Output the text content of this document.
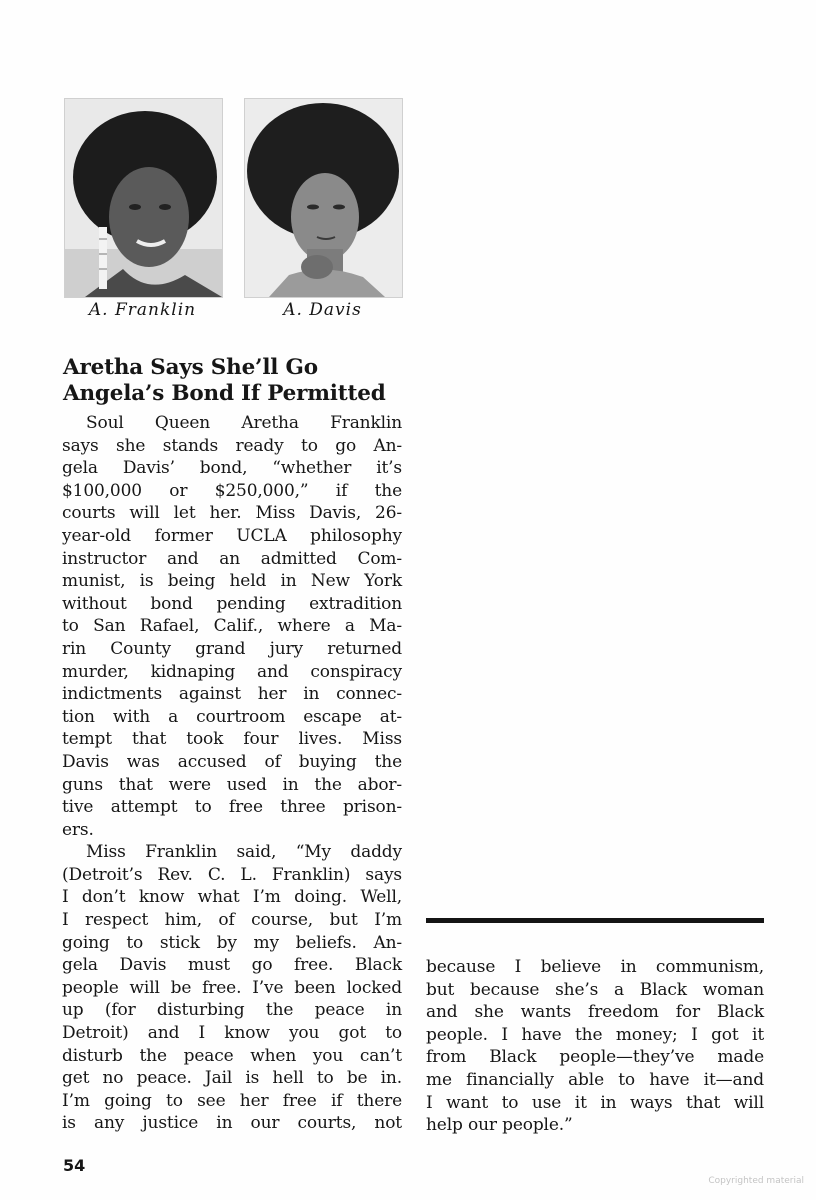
A. Franklin	A. Davis
Aretha Says She’ll Go
Angela’s Bond If Permitted
Soul Queen Aretha Franklin
says she stands ready to go An-
gela Davis’ bond, “whether it’s
$100,000 or $250,000,” if the
courts will let her. Miss Davis, 26-
year-old former UCLA philosophy
instructor and an admitted Com-
munist, is being held in New York
without bond pending extradition
to San Rafael, Calif., where a Ma-
rin County grand jury returned
murder, kidnaping and conspiracy
indictments against her in connec-
tion with a courtroom escape at-
tempt that took four lives. Miss
Davis was accused of buying the
guns that were used in the abor-
tive attempt to free three prison-
ers.
Miss Franklin said, “My daddy
(Detroit’s Rev. C. L. Franklin) says
I don’t know what I’m doing. Well,
I respect him, of course, but I’m
going to stick by my beliefs. An-
gela Davis must go free. Black
people will be free. I’ve been locked
up (for disturbing the peace in
Detroit) and I know you got to
disturb the peace when you can’t
get no peace. Jail is hell to be in.
I’m going to see her free if there
is any justice in our courts, not
because I believe in communism,
but because she’s a Black woman
and she wants freedom for Black
people. I have the money; I got it
from Black people—they’ve made
me financially able to have it—and
I want to use it in ways that will
help our people.”
54
Copyrighted material
